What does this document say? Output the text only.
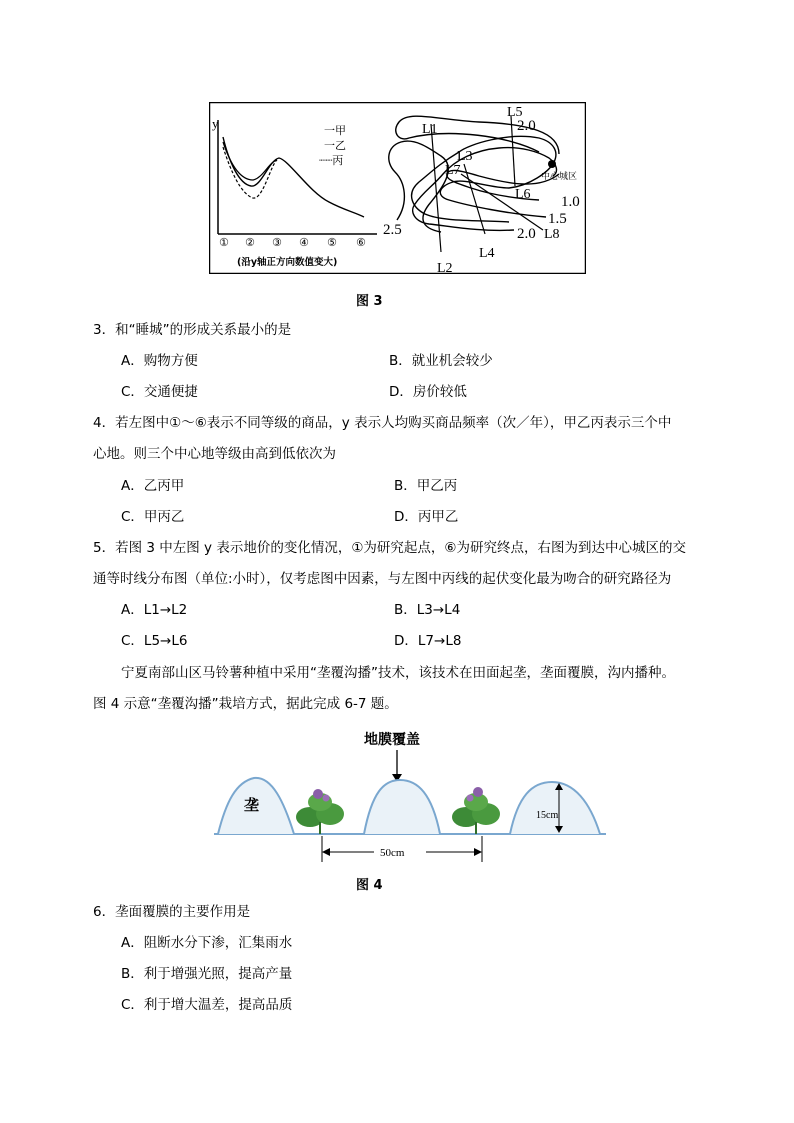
y	一甲
一乙
┈┈丙
① ② ③ ④ ⑤ ⑥
(沿y轴正方向数值变大)
中心城区
L1
L2
L3
L4
L5
L6
L7
L8
2.0
1.0
1.5
2.0
2.5
图 3
3．和“睡城”的形成关系最小的是
A．购物方便	B．就业机会较少
C．交通便捷	D．房价较低
4．若左图中①～⑥表示不同等级的商品，y 表示人均购买商品频率（次／年），甲乙丙表示三个中
心地。则三个中心地等级由高到低依次为
A．乙丙甲	B．甲乙丙
C．甲丙乙	D．丙甲乙
5．若图 3 中左图 y 表示地价的变化情况，①为研究起点，⑥为研究终点，右图为到达中心城区的交
通等时线分布图（单位:小时），仅考虑图中因素，与左图中丙线的起伏变化最为吻合的研究路径为
A．L1→L2	B．L3→L4
C．L5→L6	D．L7→L8
宁夏南部山区马铃薯种植中采用“垄覆沟播”技术，该技术在田面起垄，垄面覆膜，沟内播种。
图 4 示意“垄覆沟播”栽培方式，据此完成 6-7 题。
地膜覆盖
垄
15cm
50cm
图 4
6．垄面覆膜的主要作用是
A．阻断水分下渗，汇集雨水
B．利于增强光照，提高产量
C．利于增大温差，提高品质
